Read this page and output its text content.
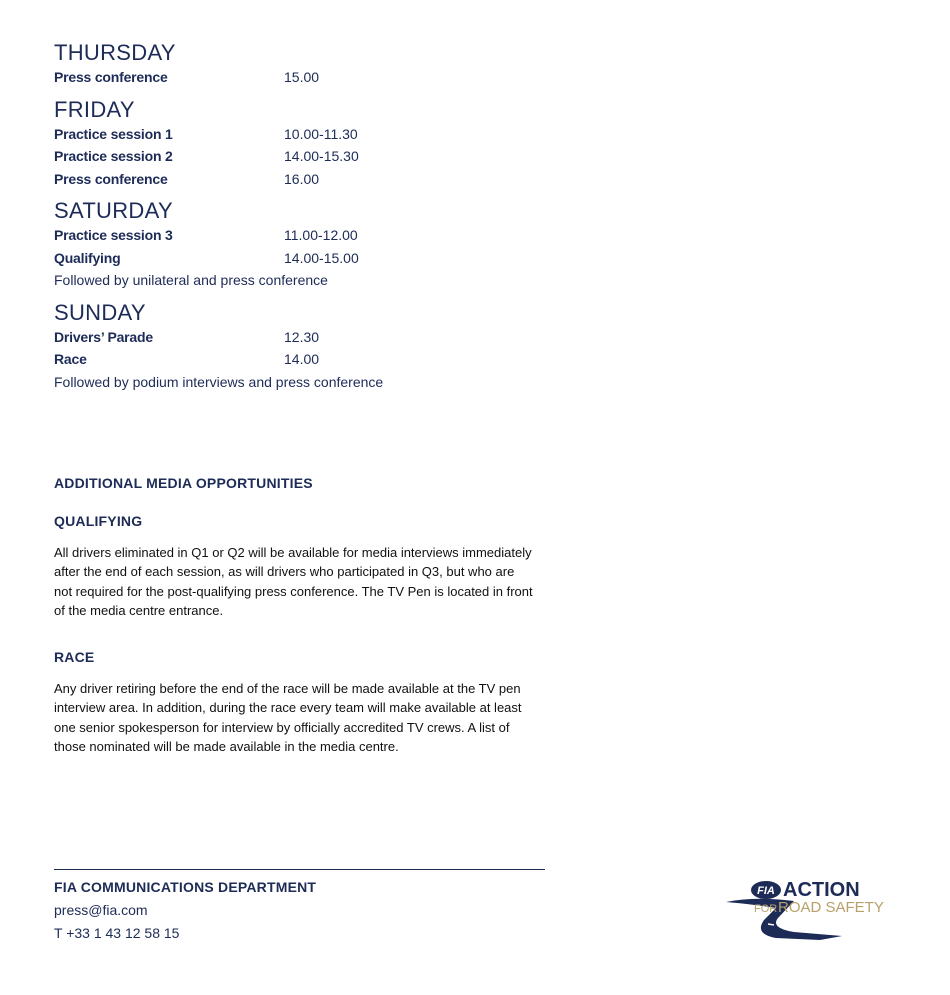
THURSDAY
Press conference	15.00
FRIDAY
Practice session 1	10.00-11.30
Practice session 2	14.00-15.30
Press conference	16.00
SATURDAY
Practice session 3	11.00-12.00
Qualifying	14.00-15.00
Followed by unilateral and press conference
SUNDAY
Drivers’ Parade	12.30
Race	14.00
Followed by podium interviews and press conference
ADDITIONAL MEDIA OPPORTUNITIES
QUALIFYING
All drivers eliminated in Q1 or Q2 will be available for media interviews immediately after the end of each session, as will drivers who participated in Q3, but who are not required for the post-qualifying press conference. The TV Pen is located in front of the media centre entrance.
RACE
Any driver retiring before the end of the race will be made available at the TV pen interview area. In addition, during the race every team will make available at least one senior spokesperson for interview by officially accredited TV crews. A list of those nominated will be made available in the media centre.
FIA COMMUNICATIONS DEPARTMENT
press@fia.com
T +33 1 43 12 58 15
FIA ACTION
FOR ROAD SAFETY
